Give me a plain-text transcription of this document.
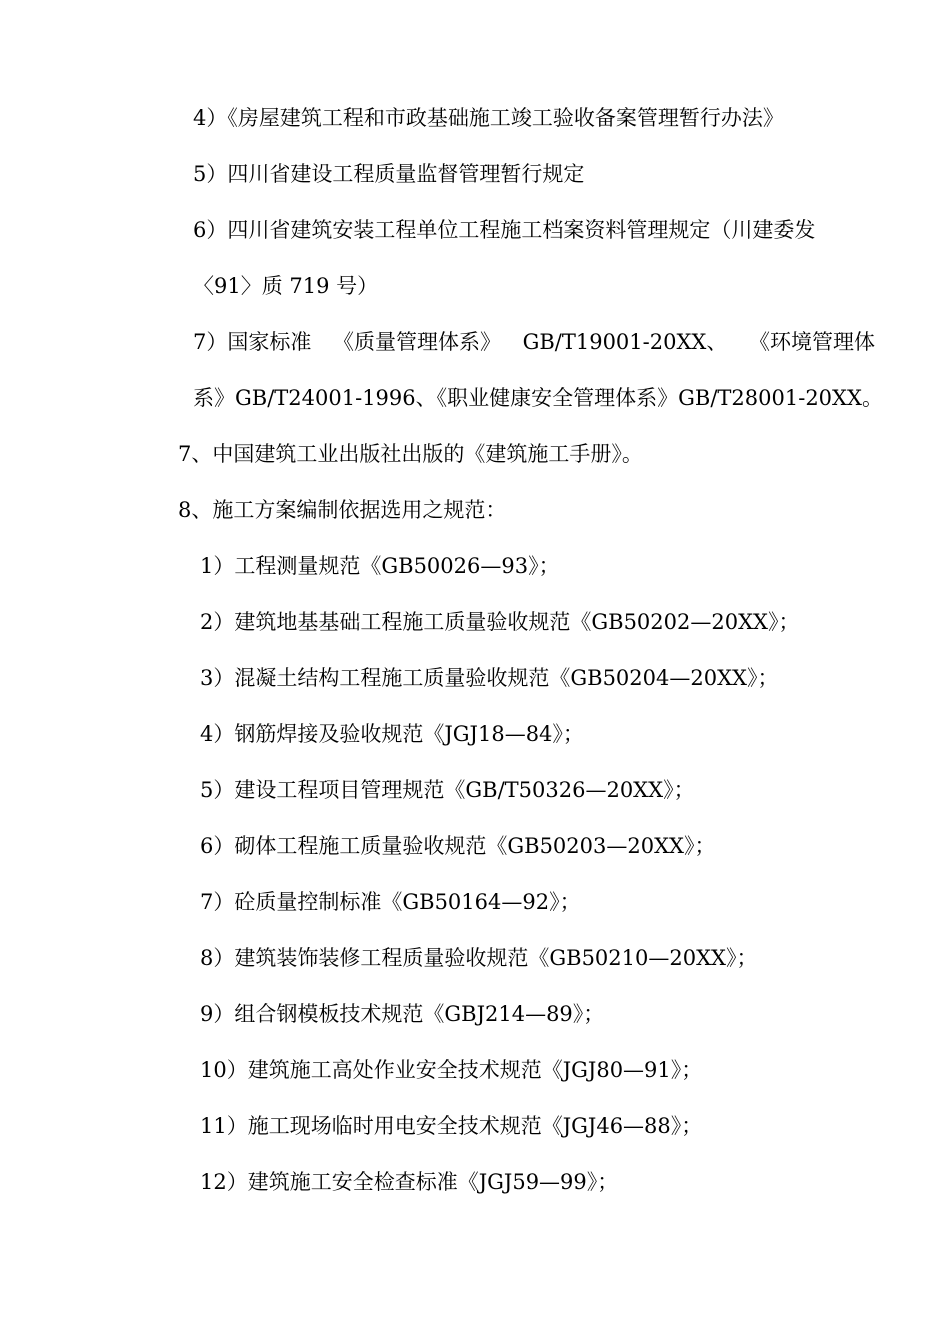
4）《房屋建筑工程和市政基础施工竣工验收备案管理暂行办法》
5）四川省建设工程质量监督管理暂行规定
6）四川省建筑安装工程单位工程施工档案资料管理规定（川建委发
〈91〉质 719 号）
7）国家标准 《质量管理体系》 GB/T19001-20XX、 《环境管理体
系》GB/T24001-1996、《职业健康安全管理体系》GB/T28001-20XX。
7、中国建筑工业出版社出版的《建筑施工手册》。
8、施工方案编制依据选用之规范：
1）工程测量规范《GB50026—93》；
2）建筑地基基础工程施工质量验收规范《GB50202—20XX》；
3）混凝土结构工程施工质量验收规范《GB50204—20XX》；
4）钢筋焊接及验收规范《JGJ18—84》；
5）建设工程项目管理规范《GB/T50326—20XX》；
6）砌体工程施工质量验收规范《GB50203—20XX》；
7）砼质量控制标准《GB50164—92》；
8）建筑装饰装修工程质量验收规范《GB50210—20XX》；
9）组合钢模板技术规范《GBJ214—89》；
10）建筑施工高处作业安全技术规范《JGJ80—91》；
11）施工现场临时用电安全技术规范《JGJ46—88》；
12）建筑施工安全检查标准《JGJ59—99》；
